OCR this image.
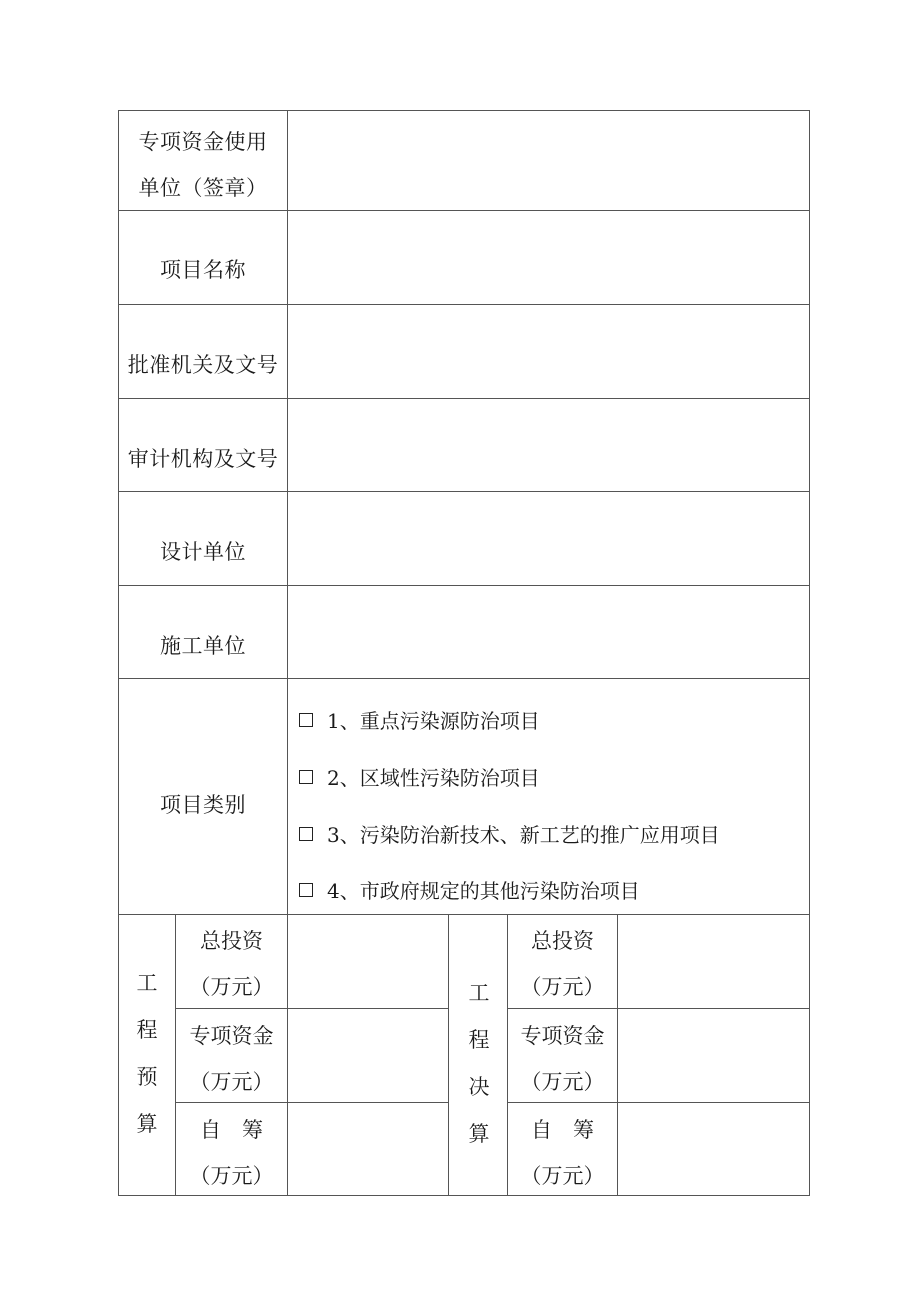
专项资金使用
单位（签章）
项目名称
批准机关及文号
审计机构及文号
设计单位
施工单位
项目类别
1、重点污染源防治项目
2、区域性污染防治项目
3、污染防治新技术、新工艺的推广应用项目
4、市政府规定的其他污染防治项目
工
程
预
算
总投资
（万元）
专项资金
（万元）
自　筹
（万元）
工
程
决
算
总投资
（万元）
专项资金
（万元）
自　筹
（万元）
